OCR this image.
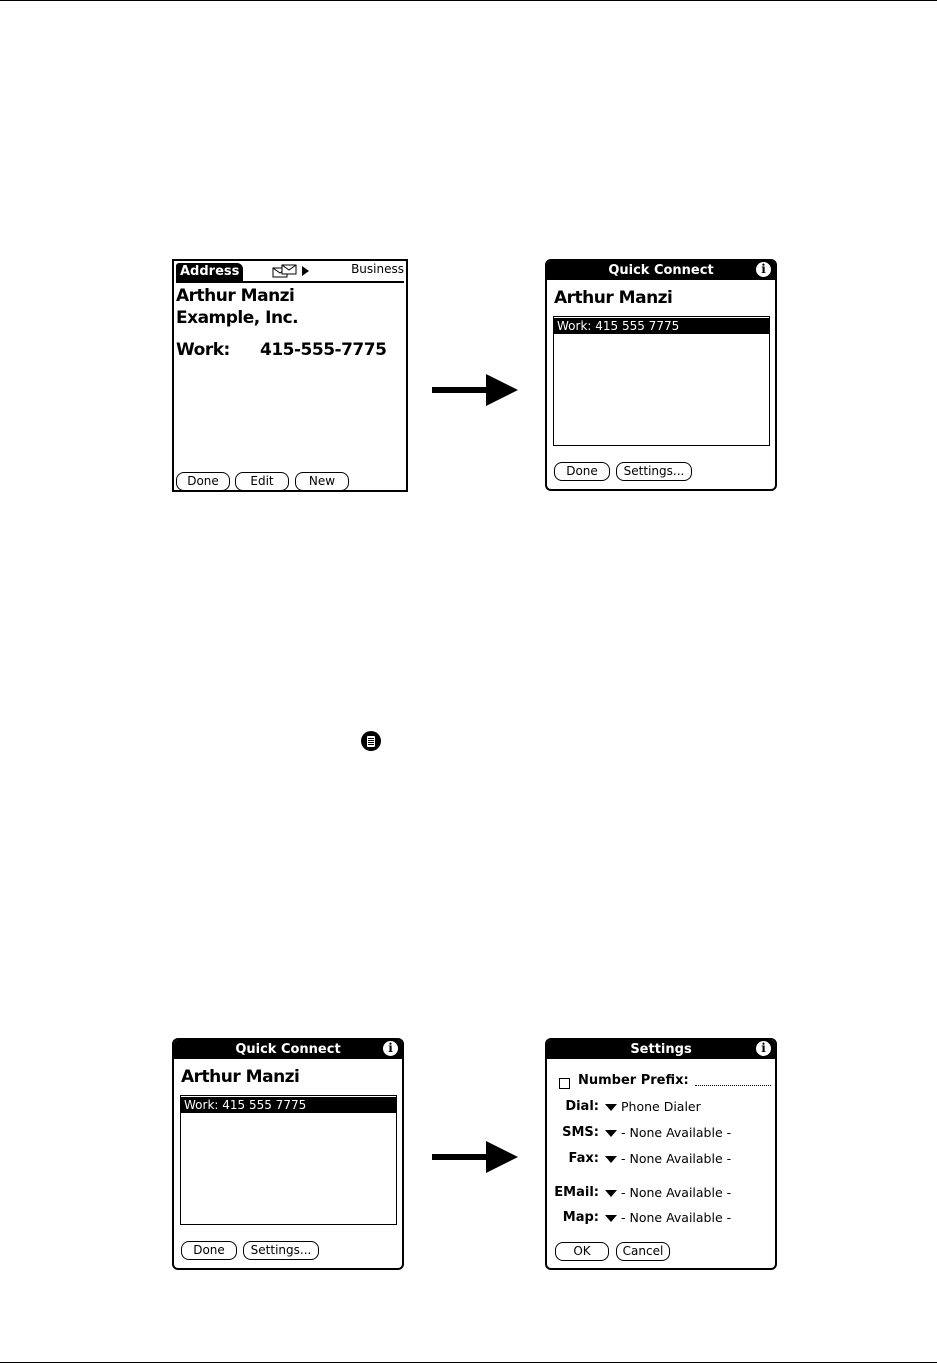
Address	Business
Arthur Manzi
Example, Inc.
Work: 415-555-7775
Done	Edit	New
Quick Connect	i
Arthur Manzi
Work: 415 555 7775
Done	Settings...
Quick Connect	i
Arthur Manzi
Work: 415 555 7775
Done	Settings...
Settings	i
Number Prefix:
Dial: Phone Dialer
SMS: - None Available -
Fax: - None Available -
EMail: - None Available -
Map: - None Available -
OK	Cancel
